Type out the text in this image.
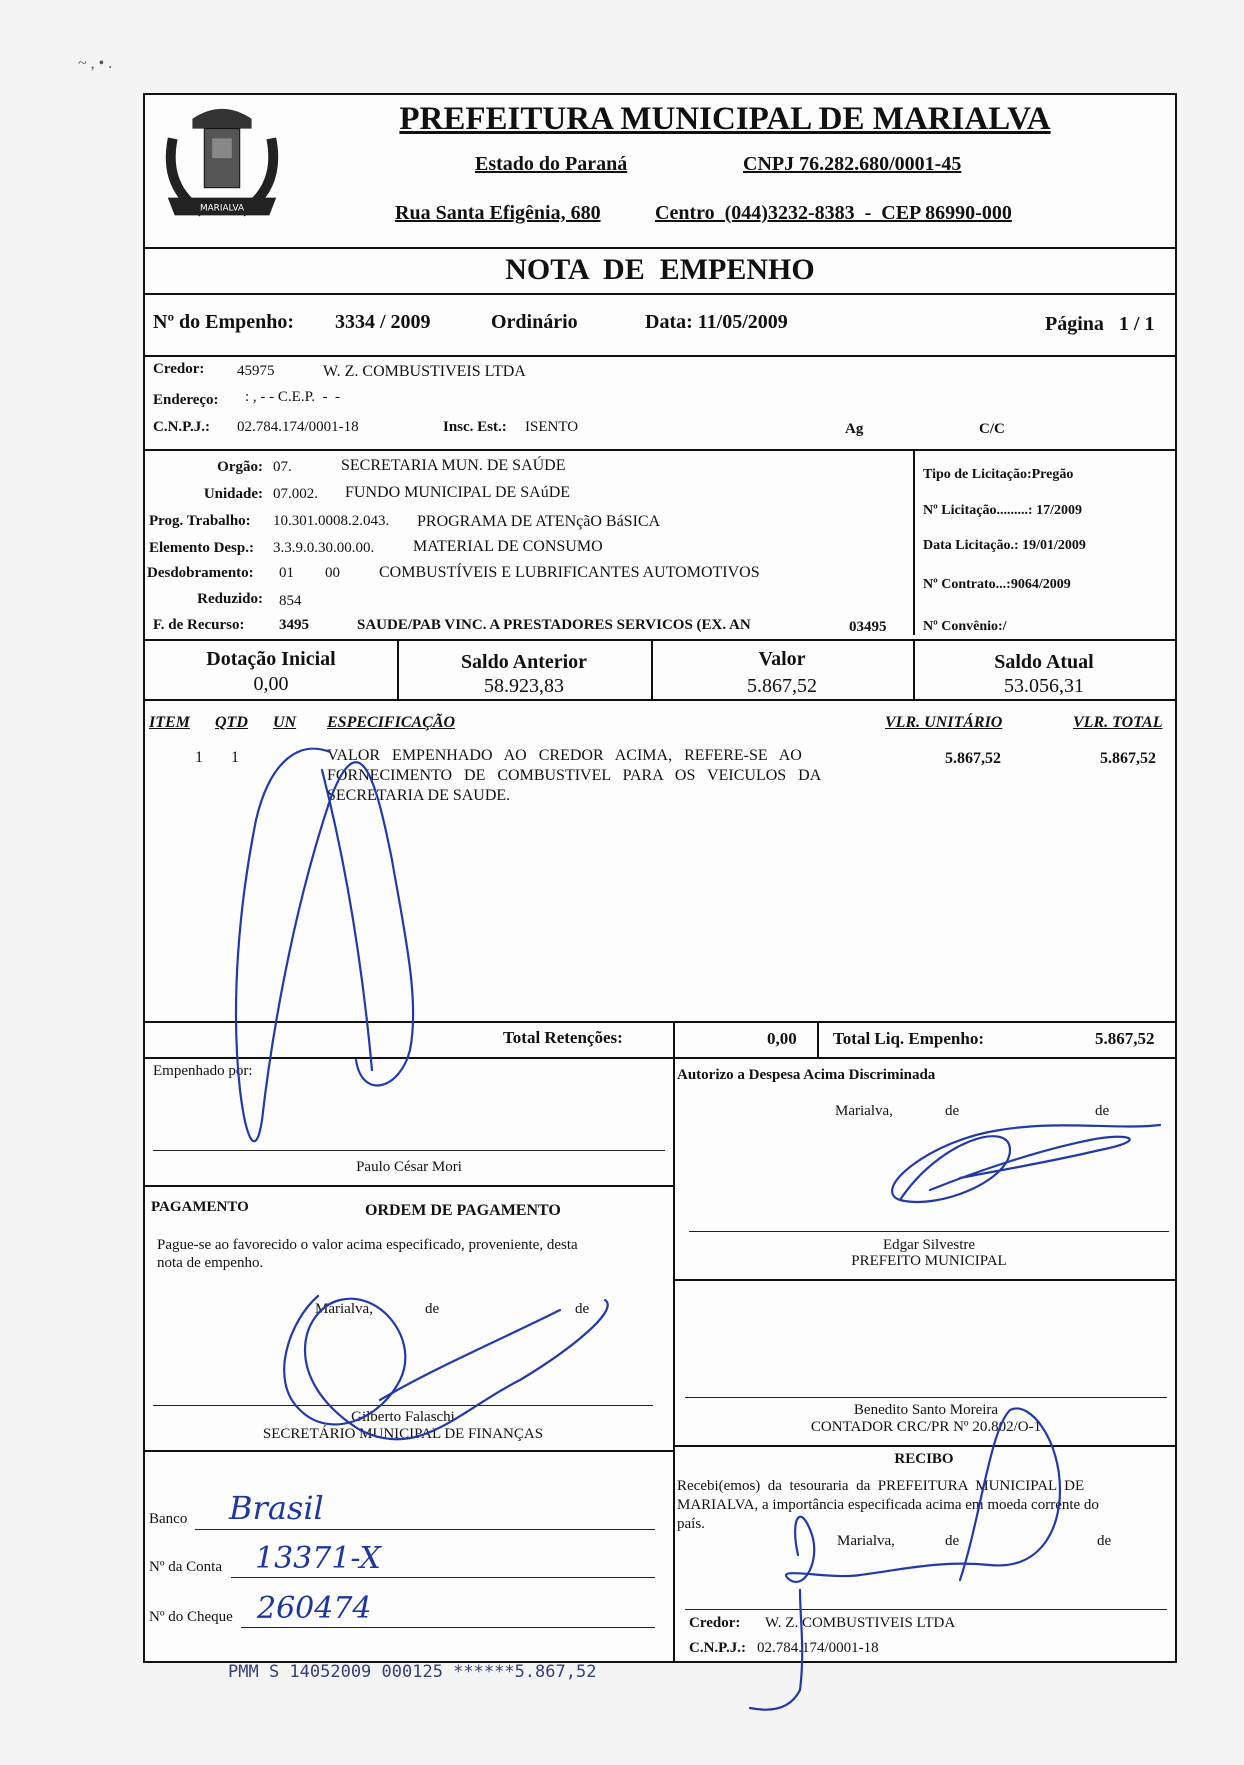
 ~ , • .
MARIALVA
PREFEITURA MUNICIPAL DE MARIALVA
Estado do Paraná	CNPJ 76.282.680/0001-45
Rua Santa Efigênia, 680	Centro  (044)3232-8383  -  CEP 86990-000
NOTA  DE  EMPENHO
Nº do Empenho: 3334 / 2009	Ordinário	Data: 11/05/2009	Página   1 / 1
Credor: 45975	W. Z. COMBUSTIVEIS LTDA
Endereço: : , - - C.E.P.  -  -
C.N.P.J.: 02.784.174/0001-18	Insc. Est.: ISENTO	Ag	C/C
Orgão: 07.	SECRETARIA MUN. DE SAÚDE
Unidade: 07.002. FUNDO MUNICIPAL DE SAúDE
Prog. Trabalho: 10.301.0008.2.043. PROGRAMA DE ATENçãO BáSICA
Elemento Desp.: 3.3.9.0.30.00.00. MATERIAL DE CONSUMO
Desdobramento: 01 00 COMBUSTÍVEIS E LUBRIFICANTES AUTOMOTIVOS
Reduzido: 854
F. de Recurso: 3495	SAUDE/PAB VINC. A PRESTADORES SERVICOS (EX. AN	03495
Tipo de Licitação:Pregão
Nº Licitação.........: 17/2009
Data Licitação.: 19/01/2009
Nº Contrato...:9064/2009
Nº Convênio:/
Dotação Inicial
0,00
Saldo Anterior
58.923,83
Valor
5.867,52
Saldo Atual
53.056,31
ITEM QTD UN ESPECIFICAÇÃO	VLR. UNITÁRIO	VLR. TOTAL
1 1	VALOR   EMPENHADO   AO   CREDOR   ACIMA,   REFERE-SE   AO
FORNECIMENTO   DE   COMBUSTIVEL   PARA   OS   VEICULOS   DA
SECRETARIA DE SAUDE.
5.867,52	5.867,52
Total Retenções:	0,00 Total Liq. Empenho:	5.867,52
Empenhado por:
Paulo César Mori
Autorizo a Despesa Acima Discriminada
Marialva,	de	de
Edgar Silvestre
PREFEITO MUNICIPAL
PAGAMENTO	ORDEM DE PAGAMENTO
Pague-se ao favorecido o valor acima especificado, proveniente, desta
nota de empenho.
Marialva,	de	de
Gilberto Falaschi
SECRETÁRIO MUNICIPAL DE FINANÇAS
Banco Brasil
Nº da Conta 13371-X
Nº do Cheque 260474
Benedito Santo Moreira
CONTADOR CRC/PR Nº 20.802/O-1
RECIBO
Recebi(emos)  da  tesouraria  da  PREFEITURA  MUNICIPAL  DE
MARIALVA, a importância especificada acima em moeda corrente do
país.
Marialva,	de	de
Credor: W. Z. COMBUSTIVEIS LTDA
C.N.P.J.: 02.784.174/0001-18
PMM S 14052009 000125 ******5.867,52
